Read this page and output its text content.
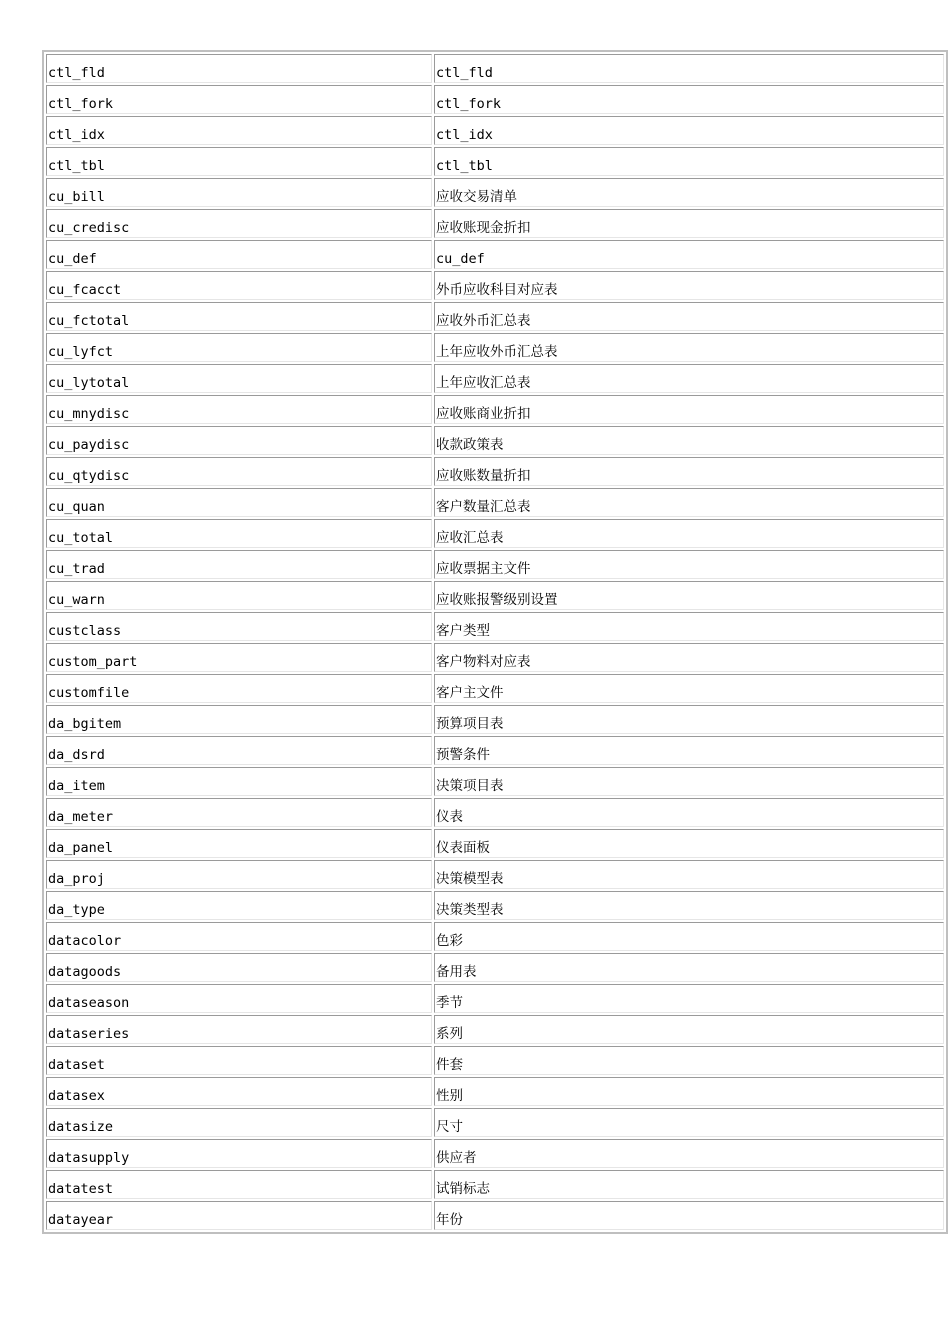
ctl_fld	ctl_fld
ctl_fork	ctl_fork
ctl_idx	ctl_idx
ctl_tbl	ctl_tbl
cu_bill	应收交易清单
cu_credisc	应收账现金折扣
cu_def	cu_def
cu_fcacct	外币应收科目对应表
cu_fctotal	应收外币汇总表
cu_lyfct	上年应收外币汇总表
cu_lytotal	上年应收汇总表
cu_mnydisc	应收账商业折扣
cu_paydisc	收款政策表
cu_qtydisc	应收账数量折扣
cu_quan	客户数量汇总表
cu_total	应收汇总表
cu_trad	应收票据主文件
cu_warn	应收账报警级别设置
custclass	客户类型
custom_part	客户物料对应表
customfile	客户主文件
da_bgitem	预算项目表
da_dsrd	预警条件
da_item	决策项目表
da_meter	仪表
da_panel	仪表面板
da_proj	决策模型表
da_type	决策类型表
datacolor	色彩
datagoods	备用表
dataseason	季节
dataseries	系列
dataset	件套
datasex	性别
datasize	尺寸
datasupply	供应者
datatest	试销标志
datayear	年份
